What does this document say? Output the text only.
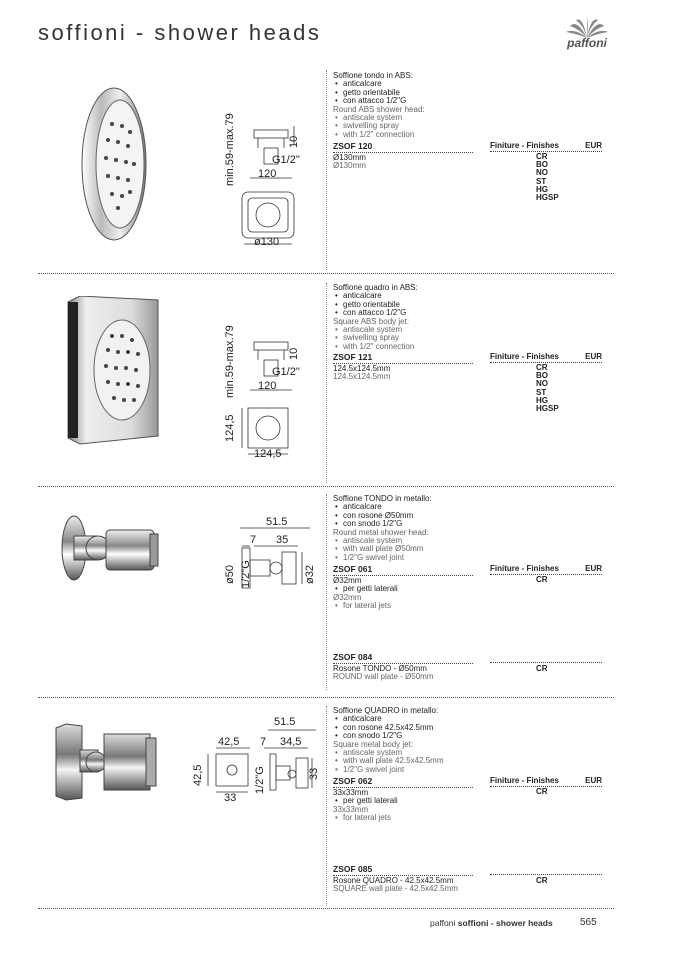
soffioni - shower heads	paffoni
min.59-max.79	10
G1/2"
120
ø130
Soffione tondo in ABS:
• anticalcare
• getto orientabile
• con attacco 1/2"G
Round ABS shower head:
• antiscale system
• swivelling spray
• with 1/2" connection
ZSOF 120
Ø130mm
Ø130mm
Finiture - Finishes	EUR
CR
BO
NO
ST
HG
HGSP
min.59-max.79	10
G1/2"
120
124,5
124,5
Soffione quadro in ABS:
• anticalcare
• getto orientabile
• con attacco 1/2"G
Square ABS body jet:
• antiscale system
• swivelling spray
• with 1/2" connection
ZSOF 121
124.5x124.5mm
124.5x124.5mm
Finiture - Finishes	EUR
CR
BO
NO
ST
HG
HGSP
51.5
7 35
ø50 1/2"G	ø32
Soffione TONDO in metallo:
• anticalcare
• con rosone Ø50mm
• con snodo 1/2"G
Round metal shower head:
• antiscale system
• with wall plate Ø50mm
• 1/2"G swivel joint
ZSOF 061
Ø32mm
• per getti laterali
Ø32mm
• for lateral jets
Finiture - Finishes	EUR
CR
ZSOF 084
Rosone TONDO - Ø50mm
ROUND wall plate - Ø50mm
CR
51.5
42,5 7 34,5
42,5	1/2"G	33
33
Soffione QUADRO in metallo:
• anticalcare
• con rosone 42.5x42.5mm
• con snodo 1/2"G
Square metal body jet:
• antiscale system
• with wall plate 42.5x42.5mm
• 1/2"G swivel joint
ZSOF 062
33x33mm
• per getti laterali
33x33mm
• for lateral jets
Finiture - Finishes	EUR
CR
ZSOF 085
Rosone QUADRO - 42.5x42.5mm
SQUARE wall plate - 42.5x42.5mm
CR
paffoni soffioni - shower heads	565
